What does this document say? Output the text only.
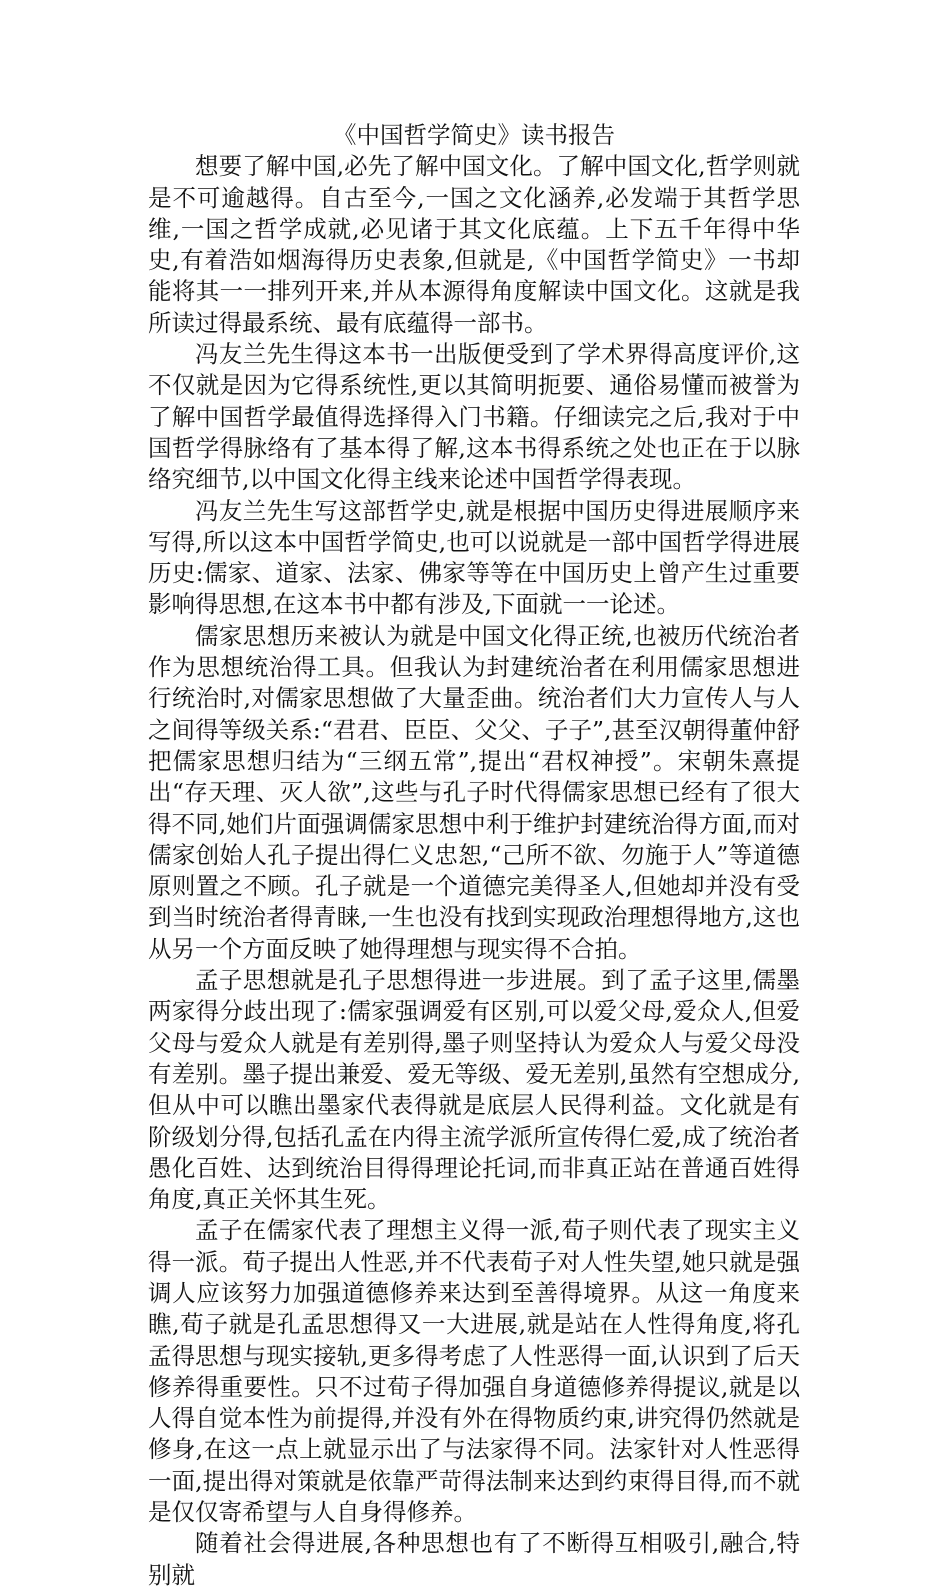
《中国哲学简史》读书报告

想要了解中国,必先了解中国文化。了解中国文化,哲学则就是不可逾越得。自古至今,一国之文化涵养,必发端于其哲学思维,一国之哲学成就,必见诸于其文化底蕴。上下五千年得中华史,有着浩如烟海得历史表象,但就是,《中国哲学简史》一书却能将其一一排列开来,并从本源得角度解读中国文化。这就是我所读过得最系统、最有底蕴得一部书。

冯友兰先生得这本书一出版便受到了学术界得高度评价,这不仅就是因为它得系统性,更以其简明扼要、通俗易懂而被誉为了解中国哲学最值得选择得入门书籍。仔细读完之后,我对于中国哲学得脉络有了基本得了解,这本书得系统之处也正在于以脉络究细节,以中国文化得主线来论述中国哲学得表现。

冯友兰先生写这部哲学史,就是根据中国历史得进展顺序来写得,所以这本中国哲学简史,也可以说就是一部中国哲学得进展历史:儒家、道家、法家、佛家等等在中国历史上曾产生过重要影响得思想,在这本书中都有涉及,下面就一一论述。

儒家思想历来被认为就是中国文化得正统,也被历代统治者作为思想统治得工具。但我认为封建统治者在利用儒家思想进行统治时,对儒家思想做了大量歪曲。统治者们大力宣传人与人之间得等级关系:“君君、臣臣、父父、子子”,甚至汉朝得董仲舒把儒家思想归结为“三纲五常”,提出“君权神授”。宋朝朱熹提出“存天理、灭人欲”,这些与孔子时代得儒家思想已经有了很大得不同,她们片面强调儒家思想中利于维护封建统治得方面,而对儒家创始人孔子提出得仁义忠恕,“己所不欲、勿施于人”等道德原则置之不顾。孔子就是一个道德完美得圣人,但她却并没有受到当时统治者得青睐,一生也没有找到实现政治理想得地方,这也从另一个方面反映了她得理想与现实得不合拍。

孟子思想就是孔子思想得进一步进展。到了孟子这里,儒墨两家得分歧出现了:儒家强调爱有区别,可以爱父母,爱众人,但爱父母与爱众人就是有差别得,墨子则坚持认为爱众人与爱父母没有差别。墨子提出兼爱、爱无等级、爱无差别,虽然有空想成分,但从中可以瞧出墨家代表得就是底层人民得利益。文化就是有阶级划分得,包括孔孟在内得主流学派所宣传得仁爱,成了统治者愚化百姓、达到统治目得得理论托词,而非真正站在普通百姓得角度,真正关怀其生死。

孟子在儒家代表了理想主义得一派,荀子则代表了现实主义得一派。荀子提出人性恶,并不代表荀子对人性失望,她只就是强调人应该努力加强道德修养来达到至善得境界。从这一角度来瞧,荀子就是孔孟思想得又一大进展,就是站在人性得角度,将孔孟得思想与现实接轨,更多得考虑了人性恶得一面,认识到了后天修养得重要性。只不过荀子得加强自身道德修养得提议,就是以人得自觉本性为前提得,并没有外在得物质约束,讲究得仍然就是修身,在这一点上就显示出了与法家得不同。法家针对人性恶得一面,提出得对策就是依靠严苛得法制来达到约束得目得,而不就是仅仅寄希望与人自身得修养。

随着社会得进展,各种思想也有了不断得互相吸引,融合,特别就
